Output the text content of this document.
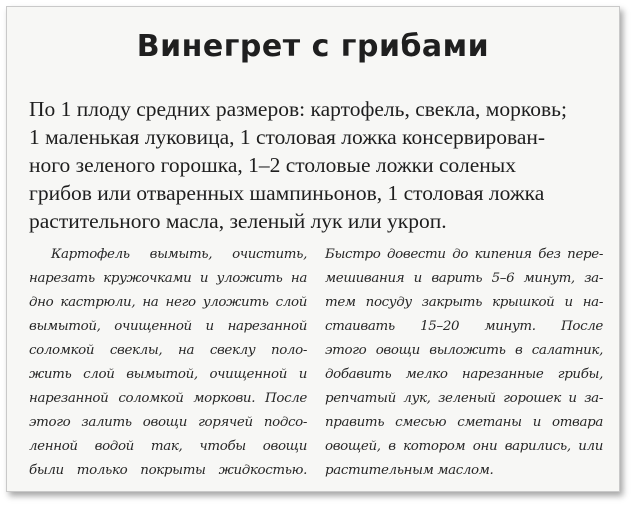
Винегрет с грибами
По 1 плоду средних размеров: картофель, свекла, морковь;
1 маленькая луковица, 1 столовая ложка консервирован-
ного зеленого горошка, 1–2 столовые ложки соленых
грибов или отваренных шампиньонов, 1 столовая ложка
растительного масла, зеленый лук или укроп.
Картофель вымыть, очистить,
нарезать кружочками и уложить на
дно кастрюли, на него уложить слой
вымытой, очищенной и нарезанной
соломкой свеклы, на свеклу поло-
жить слой вымытой, очищенной и
нарезанной соломкой моркови. После
этого залить овощи горячей подсо-
ленной водой так, чтобы овощи
были только покрыты жидкостью.
Быстро довести до кипения без пере-
мешивания и варить 5–6 минут, за-
тем посуду закрыть крышкой и на-
стаивать 15–20 минут. После
этого овощи выложить в салатник,
добавить мелко нарезанные грибы,
репчатый лук, зеленый горошек и за-
править смесью сметаны и отвара
овощей, в котором они варились, или
растительным маслом.
